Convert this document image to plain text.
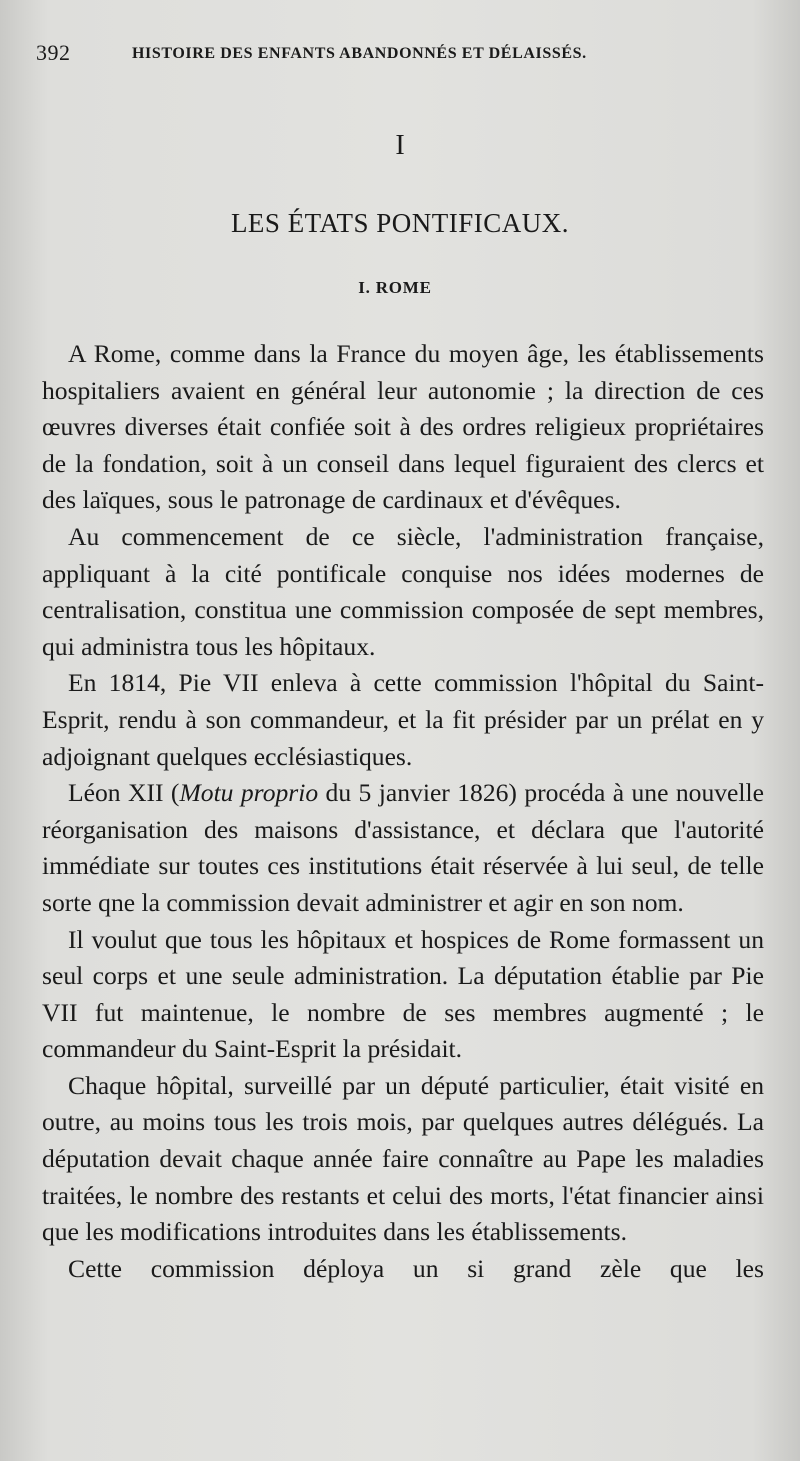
392	HISTOIRE DES ENFANTS ABANDONNÉS ET DÉLAISSÉS.
I
LES ÉTATS PONTIFICAUX.
I. ROME

A Rome, comme dans la France du moyen âge, les établissements hospitaliers avaient en général leur autonomie ; la direction de ces œuvres diverses était confiée soit à des ordres religieux propriétaires de la fondation, soit à un conseil dans lequel figuraient des clercs et des laïques, sous le patronage de cardinaux et d'évêques.

Au commencement de ce siècle, l'administration française, appliquant à la cité pontificale conquise nos idées modernes de centralisation, constitua une commission composée de sept membres, qui administra tous les hôpitaux.

En 1814, Pie VII enleva à cette commission l'hôpital du Saint-Esprit, rendu à son commandeur, et la fit présider par un prélat en y adjoignant quelques ecclésiastiques.

Léon XII (Motu proprio du 5 janvier 1826) procéda à une nouvelle réorganisation des maisons d'assistance, et déclara que l'autorité immédiate sur toutes ces institutions était réservée à lui seul, de telle sorte qne la commission devait administrer et agir en son nom.

Il voulut que tous les hôpitaux et hospices de Rome formassent un seul corps et une seule administration. La députation établie par Pie VII fut maintenue, le nombre de ses membres augmenté ; le commandeur du Saint-Esprit la présidait.

Chaque hôpital, surveillé par un député particulier, était visité en outre, au moins tous les trois mois, par quelques autres délégués. La députation devait chaque année faire connaître au Pape les maladies traitées, le nombre des restants et celui des morts, l'état financier ainsi que les modifications introduites dans les établissements.

Cette commission déploya un si grand zèle que les
